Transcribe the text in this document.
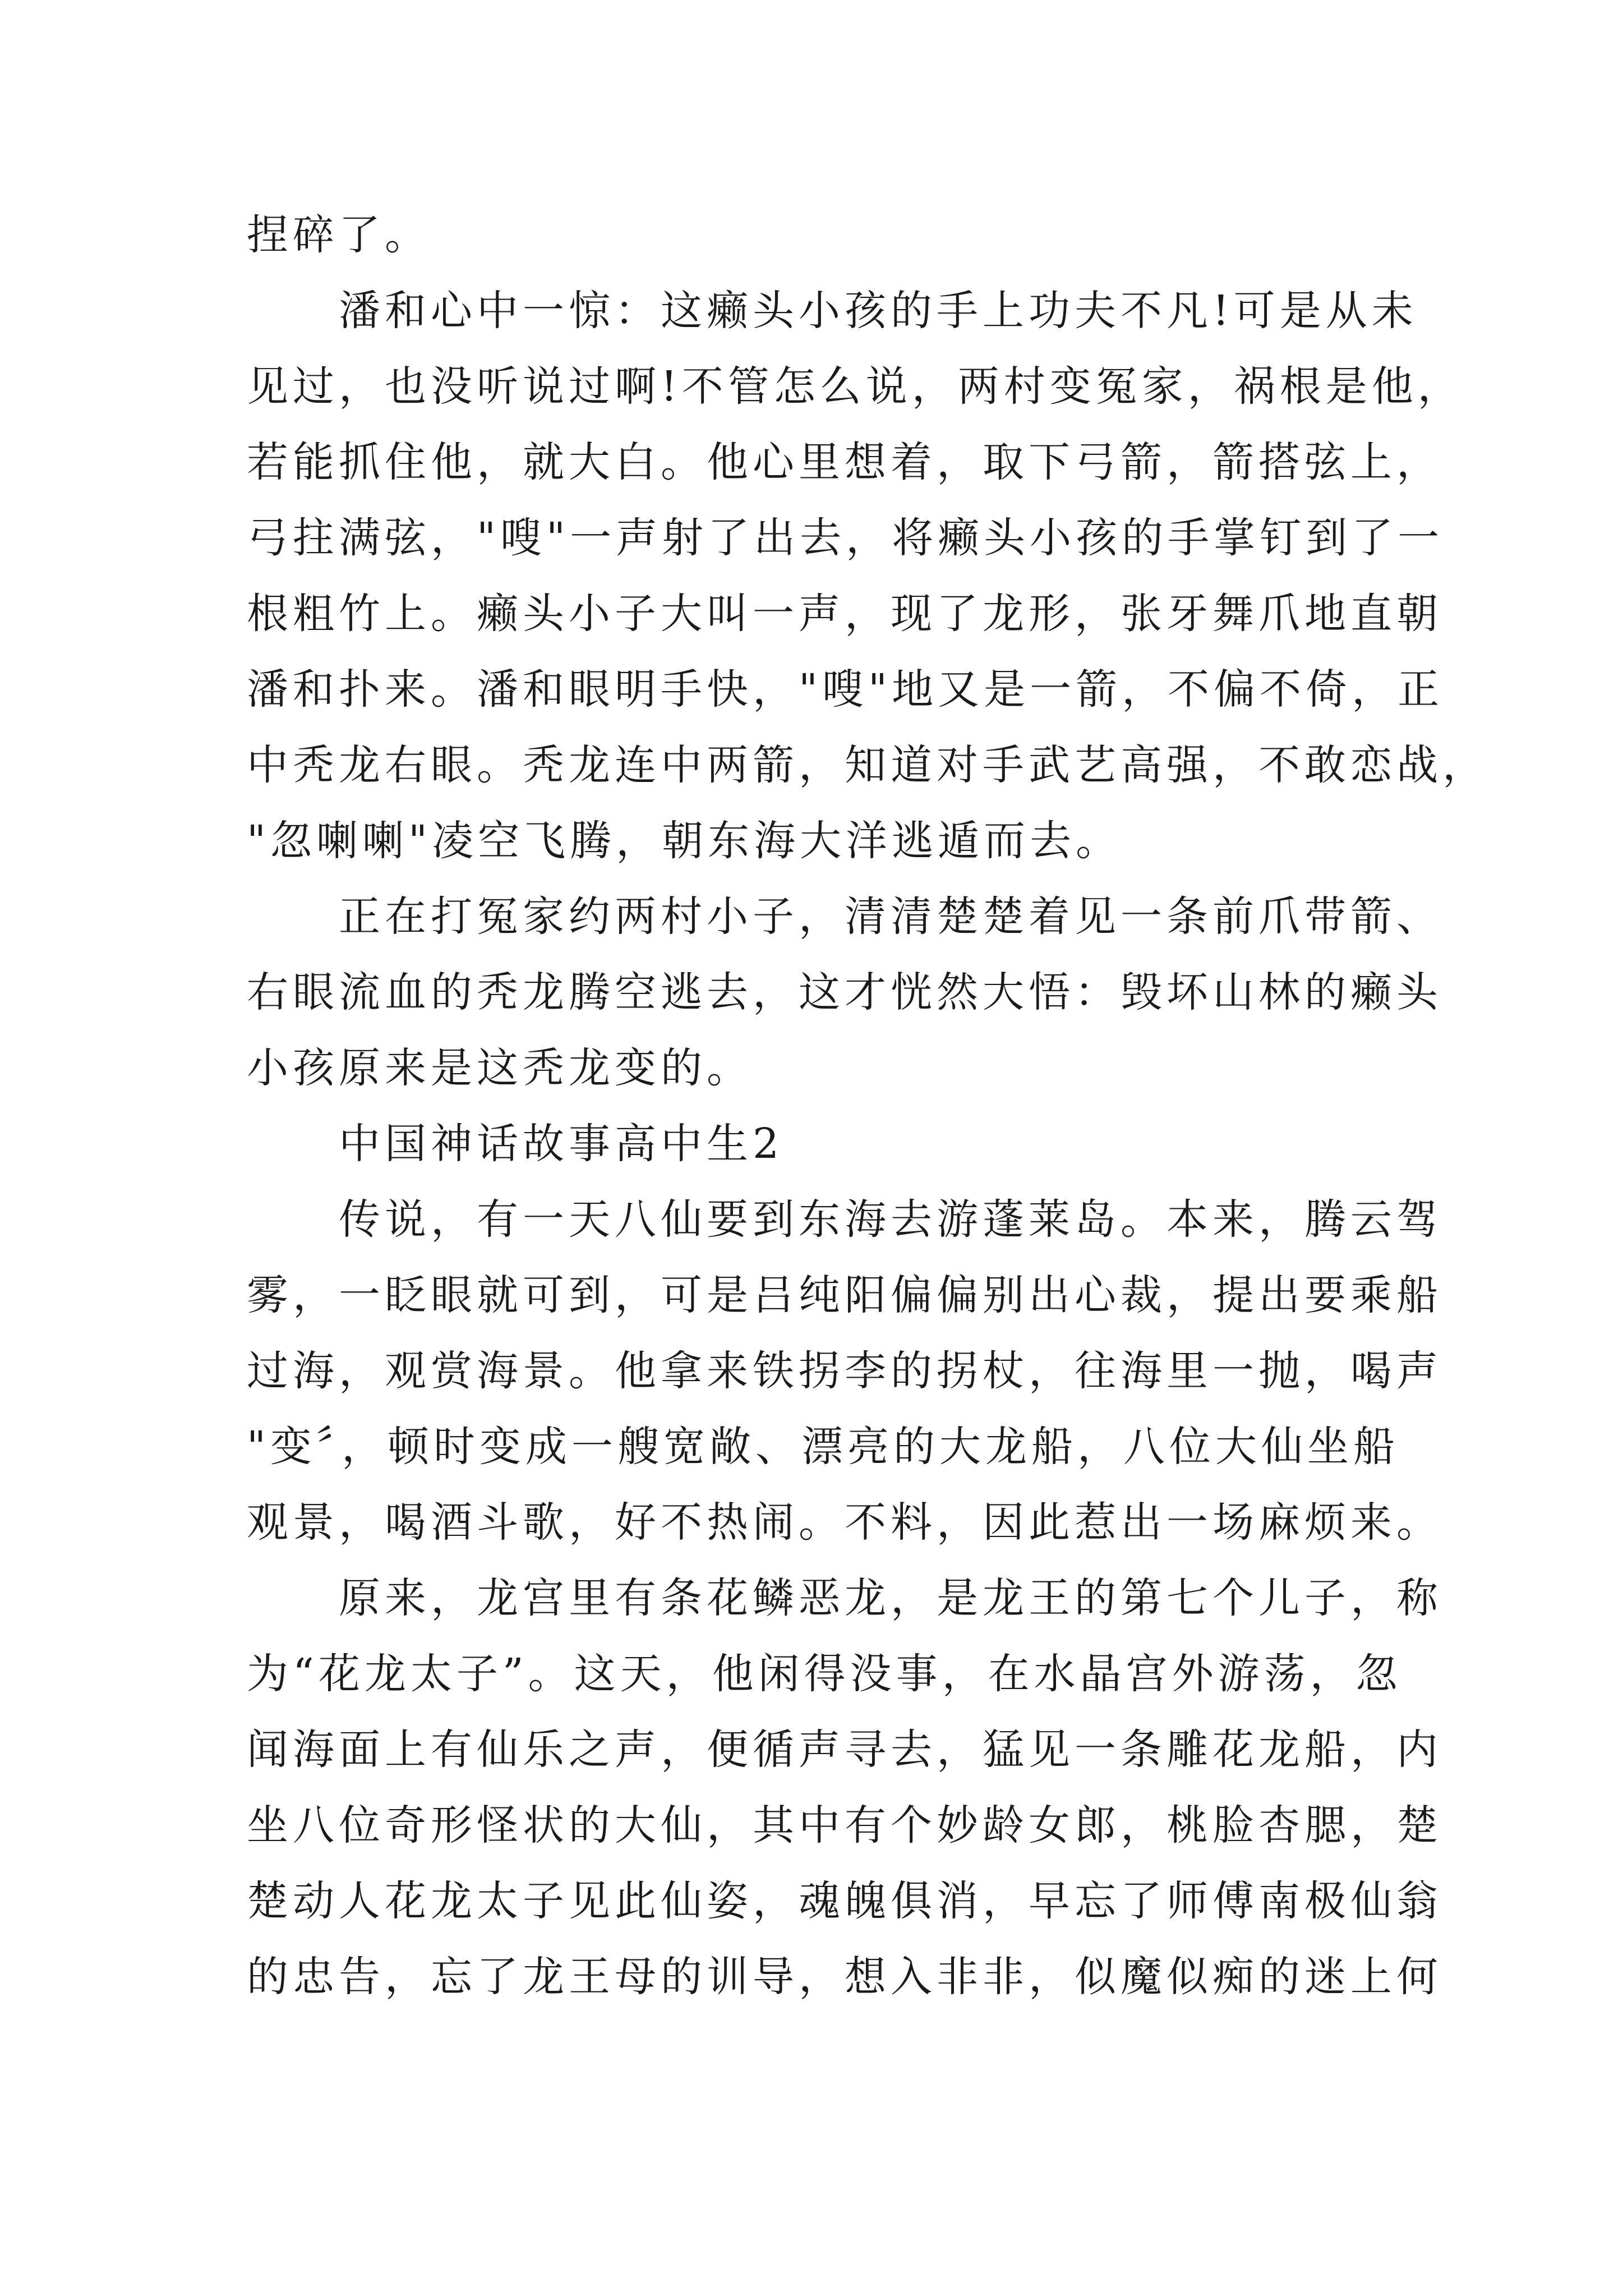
捏碎了。
潘和心中一惊：这癞头小孩的手上功夫不凡!可是从未
见过，也没听说过啊!不管怎么说，两村变冤家，祸根是他，
若能抓住他，就大白。他心里想着，取下弓箭，箭搭弦上，
弓拄满弦，"嗖"一声射了出去，将癞头小孩的手掌钉到了一
根粗竹上。癞头小子大叫一声，现了龙形，张牙舞爪地直朝
潘和扑来。潘和眼明手快，"嗖"地又是一箭，不偏不倚，正
中秃龙右眼。秃龙连中两箭，知道对手武艺高强，不敢恋战，
"忽喇喇"凌空飞腾，朝东海大洋逃遁而去。
正在打冤家约两村小子，清清楚楚着见一条前爪带箭、
右眼流血的秃龙腾空逃去，这才恍然大悟：毁坏山林的癞头
小孩原来是这秃龙变的。
中国神话故事高中生2
传说，有一天八仙要到东海去游蓬莱岛。本来，腾云驾
雾，一眨眼就可到，可是吕纯阳偏偏别出心裁，提出要乘船
过海，观赏海景。他拿来铁拐李的拐杖，往海里一抛，喝声
"变〞，顿时变成一艘宽敞、漂亮的大龙船，八位大仙坐船
观景，喝酒斗歌，好不热闹。不料，因此惹出一场麻烦来。
原来，龙宫里有条花鳞恶龙，是龙王的第七个儿子，称
为“花龙太子”。这天，他闲得没事，在水晶宫外游荡，忽
闻海面上有仙乐之声，便循声寻去，猛见一条雕花龙船，内
坐八位奇形怪状的大仙，其中有个妙龄女郎，桃脸杏腮，楚
楚动人花龙太子见此仙姿，魂魄俱消，早忘了师傅南极仙翁
的忠告，忘了龙王母的训导，想入非非，似魔似痴的迷上何
